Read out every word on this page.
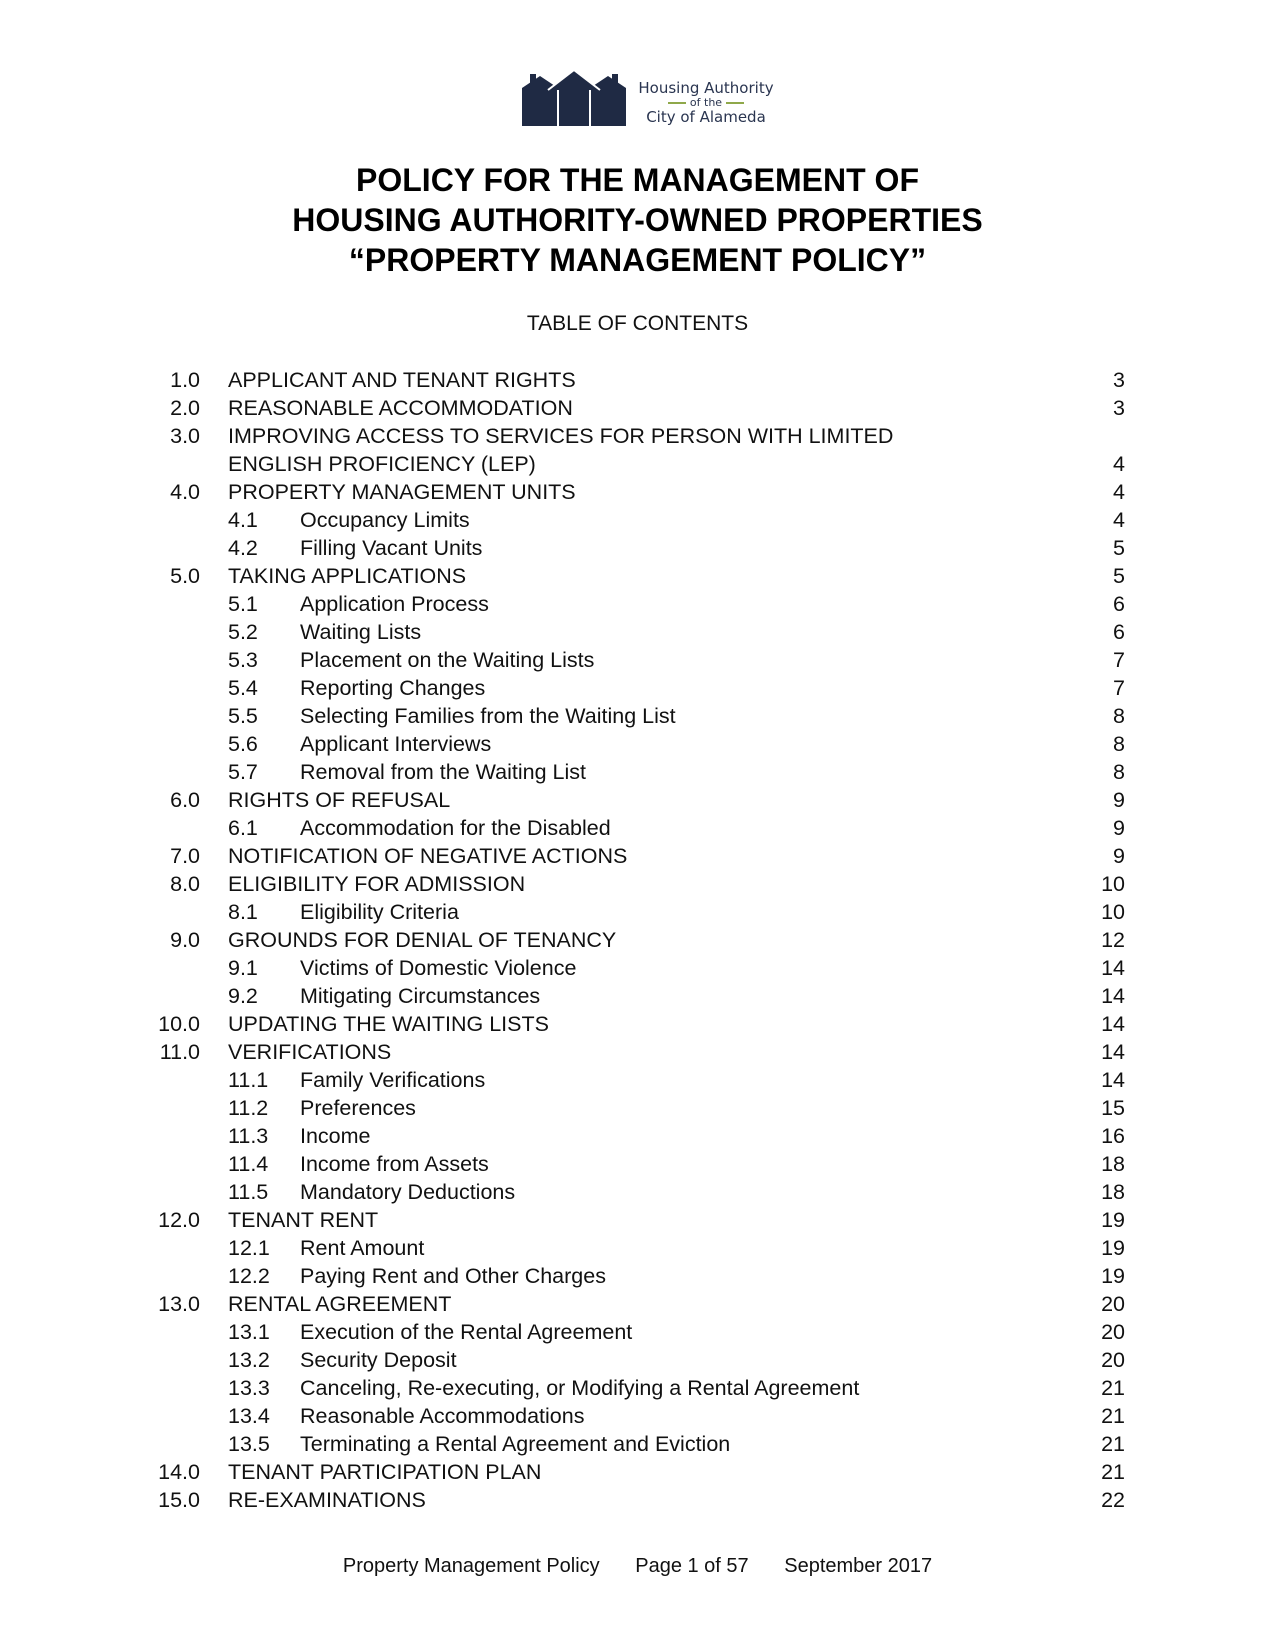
Housing Authority
of the
City of Alameda
POLICY FOR THE MANAGEMENT OF
HOUSING AUTHORITY-OWNED PROPERTIES
“PROPERTY MANAGEMENT POLICY”
TABLE OF CONTENTS
1.0 APPLICANT AND TENANT RIGHTS	3
2.0 REASONABLE ACCOMMODATION	3
3.0 IMPROVING ACCESS TO SERVICES FOR PERSON WITH LIMITED
ENGLISH PROFICIENCY (LEP)	4
4.0 PROPERTY MANAGEMENT UNITS	4
4.1 Occupancy Limits	4
4.2 Filling Vacant Units	5
5.0 TAKING APPLICATIONS	5
5.1 Application Process	6
5.2 Waiting Lists	6
5.3 Placement on the Waiting Lists	7
5.4 Reporting Changes	7
5.5 Selecting Families from the Waiting List	8
5.6 Applicant Interviews	8
5.7 Removal from the Waiting List	8
6.0 RIGHTS OF REFUSAL	9
6.1 Accommodation for the Disabled	9
7.0 NOTIFICATION OF NEGATIVE ACTIONS	9
8.0 ELIGIBILITY FOR ADMISSION	10
8.1 Eligibility Criteria	10
9.0 GROUNDS FOR DENIAL OF TENANCY	12
9.1 Victims of Domestic Violence	14
9.2 Mitigating Circumstances	14
10.0 UPDATING THE WAITING LISTS	14
11.0 VERIFICATIONS	14
11.1 Family Verifications	14
11.2 Preferences	15
11.3 Income	16
11.4 Income from Assets	18
11.5 Mandatory Deductions	18
12.0 TENANT RENT	19
12.1 Rent Amount	19
12.2 Paying Rent and Other Charges	19
13.0 RENTAL AGREEMENT	20
13.1 Execution of the Rental Agreement	20
13.2 Security Deposit	20
13.3 Canceling, Re-executing, or Modifying a Rental Agreement	21
13.4 Reasonable Accommodations	21
13.5 Terminating a Rental Agreement and Eviction	21
14.0 TENANT PARTICIPATION PLAN	21
15.0 RE-EXAMINATIONS	22
Property Management Policy Page 1 of 57 September 2017
